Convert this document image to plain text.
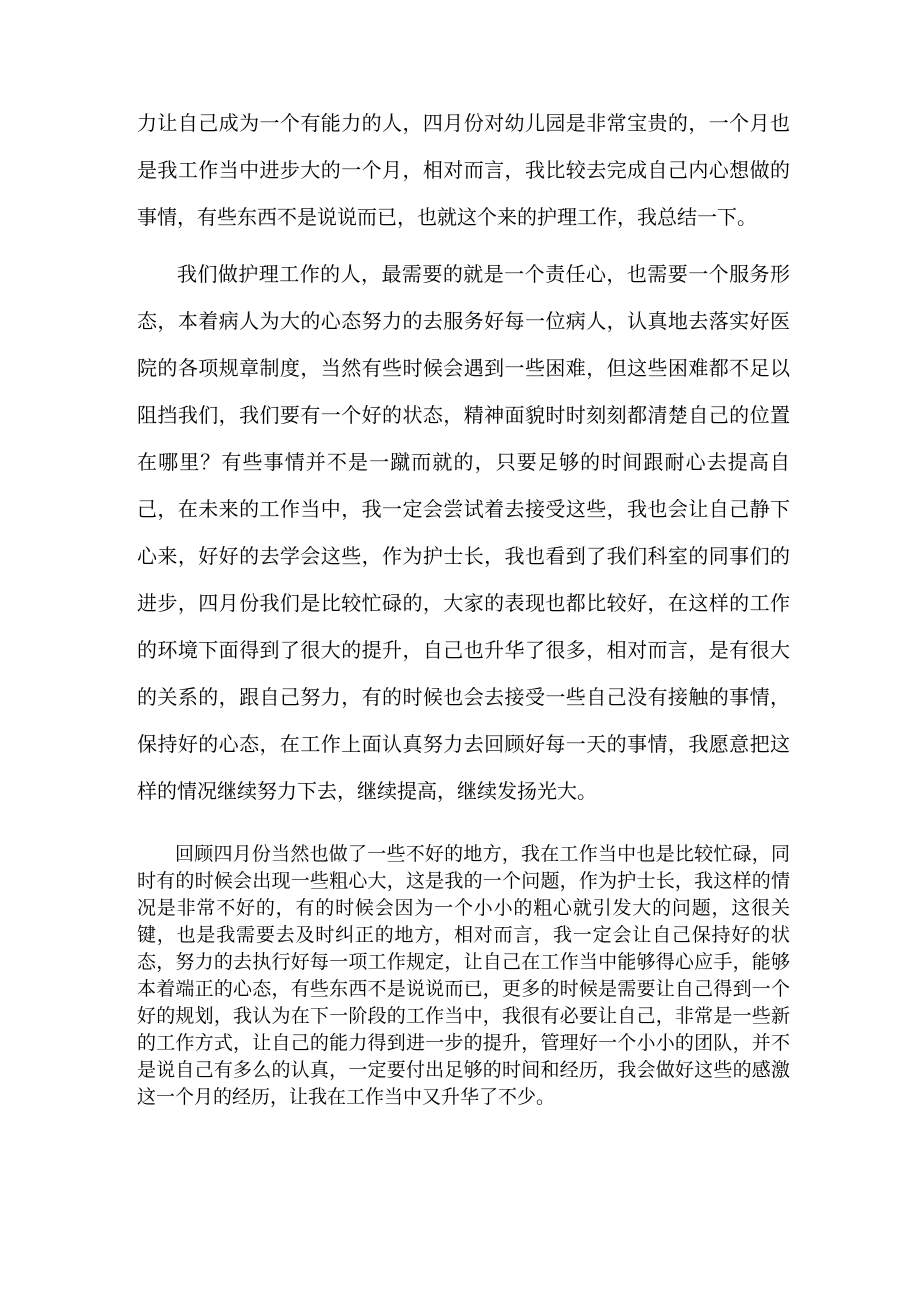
力让自己成为一个有能力的人，四月份对幼儿园是非常宝贵的，一个月也是我工作当中进步大的一个月，相对而言，我比较去完成自己内心想做的事情，有些东西不是说说而已，也就这个来的护理工作，我总结一下。

我们做护理工作的人，最需要的就是一个责任心，也需要一个服务形态，本着病人为大的心态努力的去服务好每一位病人，认真地去落实好医院的各项规章制度，当然有些时候会遇到一些困难，但这些困难都不足以阻挡我们，我们要有一个好的状态，精神面貌时时刻刻都清楚自己的位置在哪里？有些事情并不是一蹴而就的，只要足够的时间跟耐心去提高自己，在未来的工作当中，我一定会尝试着去接受这些，我也会让自己静下心来，好好的去学会这些，作为护士长，我也看到了我们科室的同事们的进步，四月份我们是比较忙碌的，大家的表现也都比较好，在这样的工作的环境下面得到了很大的提升，自己也升华了很多，相对而言，是有很大的关系的，跟自己努力，有的时候也会去接受一些自己没有接触的事情，保持好的心态，在工作上面认真努力去回顾好每一天的事情，我愿意把这样的情况继续努力下去，继续提高，继续发扬光大。

回顾四月份当然也做了一些不好的地方，我在工作当中也是比较忙碌，同时有的时候会出现一些粗心大，这是我的一个问题，作为护士长，我这样的情况是非常不好的，有的时候会因为一个小小的粗心就引发大的问题，这很关键，也是我需要去及时纠正的地方，相对而言，我一定会让自己保持好的状态，努力的去执行好每一项工作规定，让自己在工作当中能够得心应手，能够本着端正的心态，有些东西不是说说而已，更多的时候是需要让自己得到一个好的规划，我认为在下一阶段的工作当中，我很有必要让自己，非常是一些新的工作方式，让自己的能力得到进一步的提升，管理好一个小小的团队，并不是说自己有多么的认真，一定要付出足够的时间和经历，我会做好这些的感激这一个月的经历，让我在工作当中又升华了不少。
